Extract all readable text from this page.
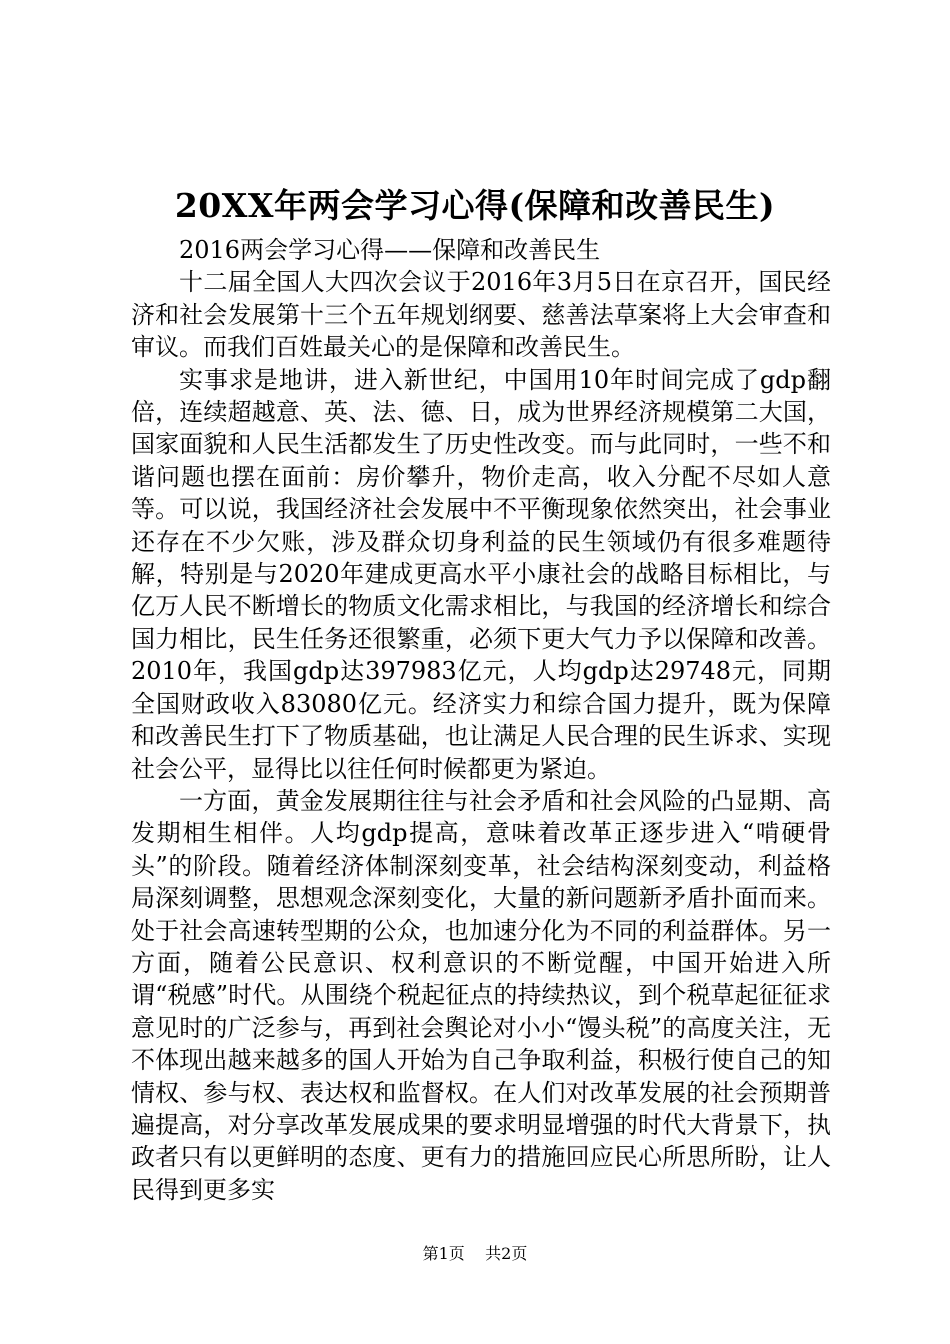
20XX年两会学习心得(保障和改善民生)

2016两会学习心得——保障和改善民生

十二届全国人大四次会议于2016年3月5日在京召开，国民经济和社会发展第十三个五年规划纲要、慈善法草案将上大会审查和审议。而我们百姓最关心的是保障和改善民生。

实事求是地讲，进入新世纪，中国用10年时间完成了gdp翻倍，连续超越意、英、法、德、日，成为世界经济规模第二大国，国家面貌和人民生活都发生了历史性改变。而与此同时，一些不和谐问题也摆在面前：房价攀升，物价走高，收入分配不尽如人意等。可以说，我国经济社会发展中不平衡现象依然突出，社会事业还存在不少欠账，涉及群众切身利益的民生领域仍有很多难题待解，特别是与2020年建成更高水平小康社会的战略目标相比，与亿万人民不断增长的物质文化需求相比，与我国的经济增长和综合国力相比，民生任务还很繁重，必须下更大气力予以保障和改善。2010年，我国gdp达397983亿元，人均gdp达29748元，同期全国财政收入83080亿元。经济实力和综合国力提升，既为保障和改善民生打下了物质基础，也让满足人民合理的民生诉求、实现社会公平，显得比以往任何时候都更为紧迫。

一方面，黄金发展期往往与社会矛盾和社会风险的凸显期、高发期相生相伴。人均gdp提高，意味着改革正逐步进入“啃硬骨头”的阶段。随着经济体制深刻变革，社会结构深刻变动，利益格局深刻调整，思想观念深刻变化，大量的新问题新矛盾扑面而来。处于社会高速转型期的公众，也加速分化为不同的利益群体。另一方面，随着公民意识、权利意识的不断觉醒，中国开始进入所谓“税感”时代。从围绕个税起征点的持续热议，到个税草起征征求意见时的广泛参与，再到社会舆论对小小“馒头税”的高度关注，无不体现出越来越多的国人开始为自己争取利益，积极行使自己的知情权、参与权、表达权和监督权。在人们对改革发展的社会预期普遍提高，对分享改革发展成果的要求明显增强的时代大背景下，执政者只有以更鲜明的态度、更有力的措施回应民心所思所盼，让人民得到更多实

第1页 共2页
